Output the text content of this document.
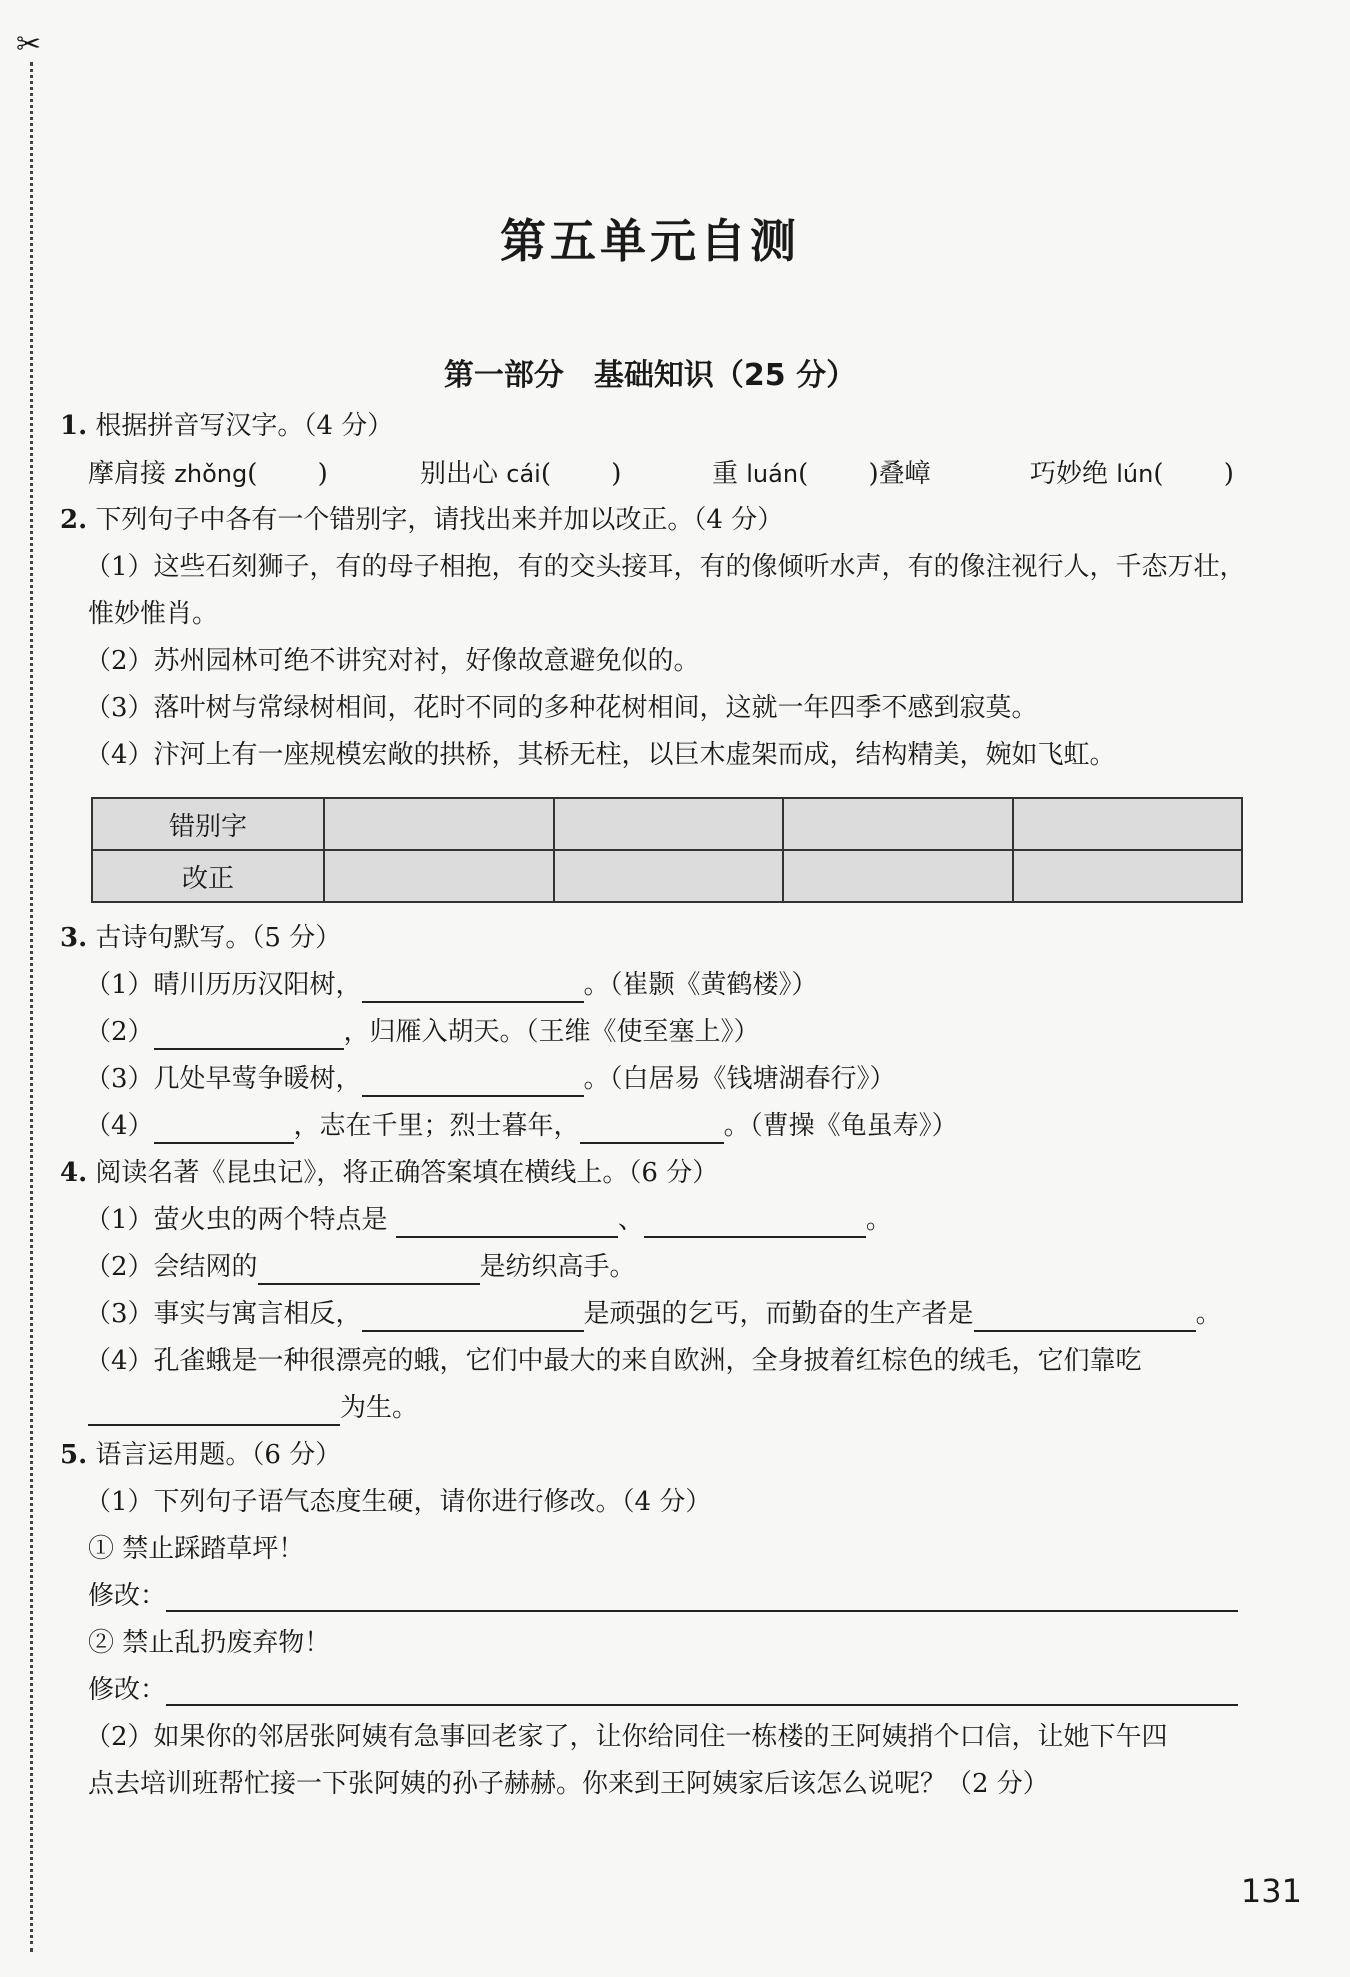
✂
第五单元自测
第一部分　基础知识（25 分）
1. 根据拼音写汉字。（4 分）
摩肩接 zhǒng(　　 )	别出心 cái(　　 )	重 luán(　　 )叠嶂	巧妙绝 lún(　　 )
2. 下列句子中各有一个错别字，请找出来并加以改正。（4 分）
（1）这些石刻狮子，有的母子相抱，有的交头接耳，有的像倾听水声，有的像注视行人，千态万壮，
惟妙惟肖。
（2）苏州园林可绝不讲究对衬，好像故意避免似的。
（3）落叶树与常绿树相间，花时不同的多种花树相间，这就一年四季不感到寂莫。
（4）汴河上有一座规模宏敞的拱桥，其桥无柱，以巨木虚架而成，结构精美，婉如飞虹。
错别字				
改正				
3. 古诗句默写。（5 分）
（1）晴川历历汉阳树，	。（崔颢《黄鹤楼》）
（2）	，归雁入胡天。（王维《使至塞上》）
（3）几处早莺争暖树，	。（白居易《钱塘湖春行》）
（4）	，志在千里；烈士暮年，	。（曹操《龟虽寿》）
4. 阅读名著《昆虫记》，将正确答案填在横线上。（6 分）
（1）萤火虫的两个特点是	、	。
（2）会结网的	是纺织高手。
（3）事实与寓言相反，	是顽强的乞丐，而勤奋的生产者是	。
（4）孔雀蛾是一种很漂亮的蛾，它们中最大的来自欧洲，全身披着红棕色的绒毛，它们靠吃
为生。
5. 语言运用题。（6 分）
（1）下列句子语气态度生硬，请你进行修改。（4 分）
① 禁止踩踏草坪！
修改：
② 禁止乱扔废弃物！
修改：
（2）如果你的邻居张阿姨有急事回老家了，让你给同住一栋楼的王阿姨捎个口信，让她下午四
点去培训班帮忙接一下张阿姨的孙子赫赫。你来到王阿姨家后该怎么说呢？（2 分）
131
